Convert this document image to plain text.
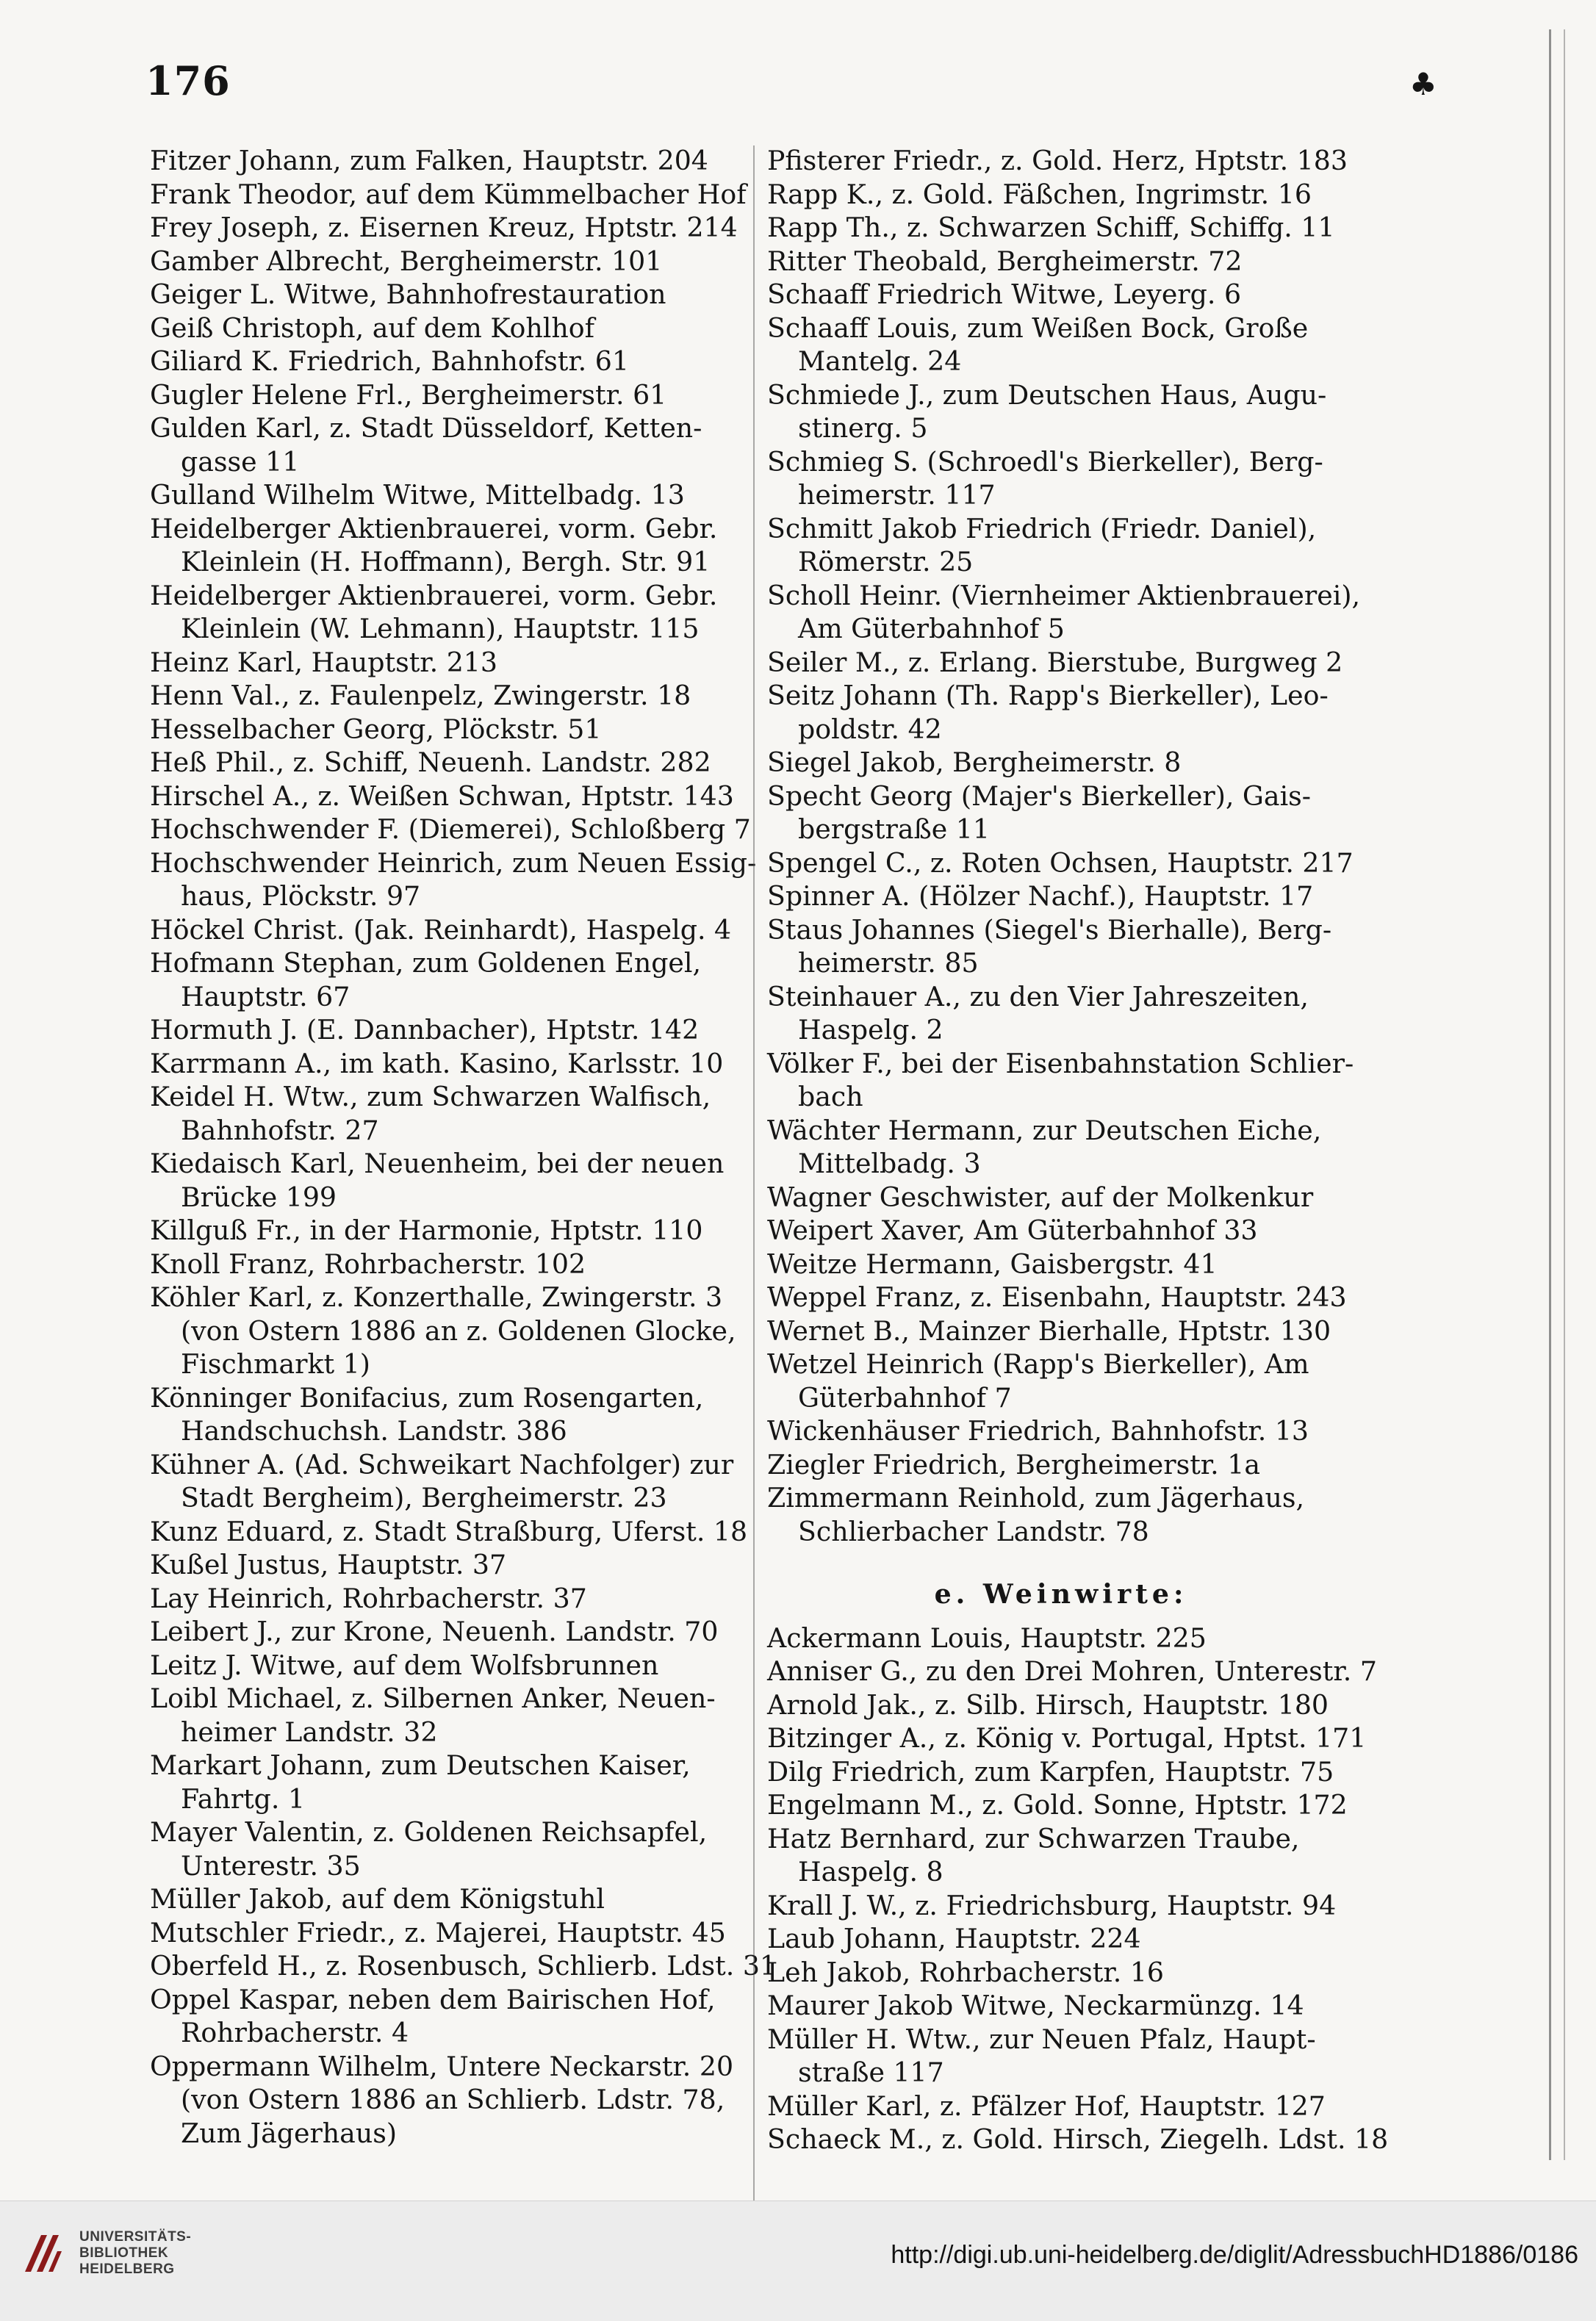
176	♣
Fitzer Johann, zum Falken, Hauptstr. 204
Frank Theodor, auf dem Kümmelbacher Hof
Frey Joseph, z. Eisernen Kreuz, Hptstr. 214
Gamber Albrecht, Bergheimerstr. 101
Geiger L. Witwe, Bahnhofrestauration
Geiß Christoph, auf dem Kohlhof
Giliard K. Friedrich, Bahnhofstr. 61
Gugler Helene Frl., Bergheimerstr. 61
Gulden Karl, z. Stadt Düsseldorf, Ketten-
gasse 11
Gulland Wilhelm Witwe, Mittelbadg. 13
Heidelberger Aktienbrauerei, vorm. Gebr.
Kleinlein (H. Hoffmann), Bergh. Str. 91
Heidelberger Aktienbrauerei, vorm. Gebr.
Kleinlein (W. Lehmann), Hauptstr. 115
Heinz Karl, Hauptstr. 213
Henn Val., z. Faulenpelz, Zwingerstr. 18
Hesselbacher Georg, Plöckstr. 51
Heß Phil., z. Schiff, Neuenh. Landstr. 282
Hirschel A., z. Weißen Schwan, Hptstr. 143
Hochschwender F. (Diemerei), Schloßberg 7
Hochschwender Heinrich, zum Neuen Essig-
haus, Plöckstr. 97
Höckel Christ. (Jak. Reinhardt), Haspelg. 4
Hofmann Stephan, zum Goldenen Engel,
Hauptstr. 67
Hormuth J. (E. Dannbacher), Hptstr. 142
Karrmann A., im kath. Kasino, Karlsstr. 10
Keidel H. Wtw., zum Schwarzen Walfisch,
Bahnhofstr. 27
Kiedaisch Karl, Neuenheim, bei der neuen
Brücke 199
Killguß Fr., in der Harmonie, Hptstr. 110
Knoll Franz, Rohrbacherstr. 102
Köhler Karl, z. Konzerthalle, Zwingerstr. 3
(von Ostern 1886 an z. Goldenen Glocke,
Fischmarkt 1)
Könninger Bonifacius, zum Rosengarten,
Handschuchsh. Landstr. 386
Kühner A. (Ad. Schweikart Nachfolger) zur
Stadt Bergheim), Bergheimerstr. 23
Kunz Eduard, z. Stadt Straßburg, Uferst. 18
Kußel Justus, Hauptstr. 37
Lay Heinrich, Rohrbacherstr. 37
Leibert J., zur Krone, Neuenh. Landstr. 70
Leitz J. Witwe, auf dem Wolfsbrunnen
Loibl Michael, z. Silbernen Anker, Neuen-
heimer Landstr. 32
Markart Johann, zum Deutschen Kaiser,
Fahrtg. 1
Mayer Valentin, z. Goldenen Reichsapfel,
Unterestr. 35
Müller Jakob, auf dem Königstuhl
Mutschler Friedr., z. Majerei, Hauptstr. 45
Oberfeld H., z. Rosenbusch, Schlierb. Ldst. 31
Oppel Kaspar, neben dem Bairischen Hof,
Rohrbacherstr. 4
Oppermann Wilhelm, Untere Neckarstr. 20
(von Ostern 1886 an Schlierb. Ldstr. 78,
Zum Jägerhaus)
Pfisterer Friedr., z. Gold. Herz, Hptstr. 183
Rapp K., z. Gold. Fäßchen, Ingrimstr. 16
Rapp Th., z. Schwarzen Schiff, Schiffg. 11
Ritter Theobald, Bergheimerstr. 72
Schaaff Friedrich Witwe, Leyerg. 6
Schaaff Louis, zum Weißen Bock, Große
Mantelg. 24
Schmiede J., zum Deutschen Haus, Augu-
stinerg. 5
Schmieg S. (Schroedl's Bierkeller), Berg-
heimerstr. 117
Schmitt Jakob Friedrich (Friedr. Daniel),
Römerstr. 25
Scholl Heinr. (Viernheimer Aktienbrauerei),
Am Güterbahnhof 5
Seiler M., z. Erlang. Bierstube, Burgweg 2
Seitz Johann (Th. Rapp's Bierkeller), Leo-
poldstr. 42
Siegel Jakob, Bergheimerstr. 8
Specht Georg (Majer's Bierkeller), Gais-
bergstraße 11
Spengel C., z. Roten Ochsen, Hauptstr. 217
Spinner A. (Hölzer Nachf.), Hauptstr. 17
Staus Johannes (Siegel's Bierhalle), Berg-
heimerstr. 85
Steinhauer A., zu den Vier Jahreszeiten,
Haspelg. 2
Völker F., bei der Eisenbahnstation Schlier-
bach
Wächter Hermann, zur Deutschen Eiche,
Mittelbadg. 3
Wagner Geschwister, auf der Molkenkur
Weipert Xaver, Am Güterbahnhof 33
Weitze Hermann, Gaisbergstr. 41
Weppel Franz, z. Eisenbahn, Hauptstr. 243
Wernet B., Mainzer Bierhalle, Hptstr. 130
Wetzel Heinrich (Rapp's Bierkeller), Am
Güterbahnhof 7
Wickenhäuser Friedrich, Bahnhofstr. 13
Ziegler Friedrich, Bergheimerstr. 1a
Zimmermann Reinhold, zum Jägerhaus,
Schlierbacher Landstr. 78
e. Weinwirte:
Ackermann Louis, Hauptstr. 225
Anniser G., zu den Drei Mohren, Unterestr. 7
Arnold Jak., z. Silb. Hirsch, Hauptstr. 180
Bitzinger A., z. König v. Portugal, Hptst. 171
Dilg Friedrich, zum Karpfen, Hauptstr. 75
Engelmann M., z. Gold. Sonne, Hptstr. 172
Hatz Bernhard, zur Schwarzen Traube,
Haspelg. 8
Krall J. W., z. Friedrichsburg, Hauptstr. 94
Laub Johann, Hauptstr. 224
Leh Jakob, Rohrbacherstr. 16
Maurer Jakob Witwe, Neckarmünzg. 14
Müller H. Wtw., zur Neuen Pfalz, Haupt-
straße 117
Müller Karl, z. Pfälzer Hof, Hauptstr. 127
Schaeck M., z. Gold. Hirsch, Ziegelh. Ldst. 18
UNIVERSITÄTS-
BIBLIOTHEK
HEIDELBERG
http://digi.ub.uni-heidelberg.de/diglit/AdressbuchHD1886/0186
